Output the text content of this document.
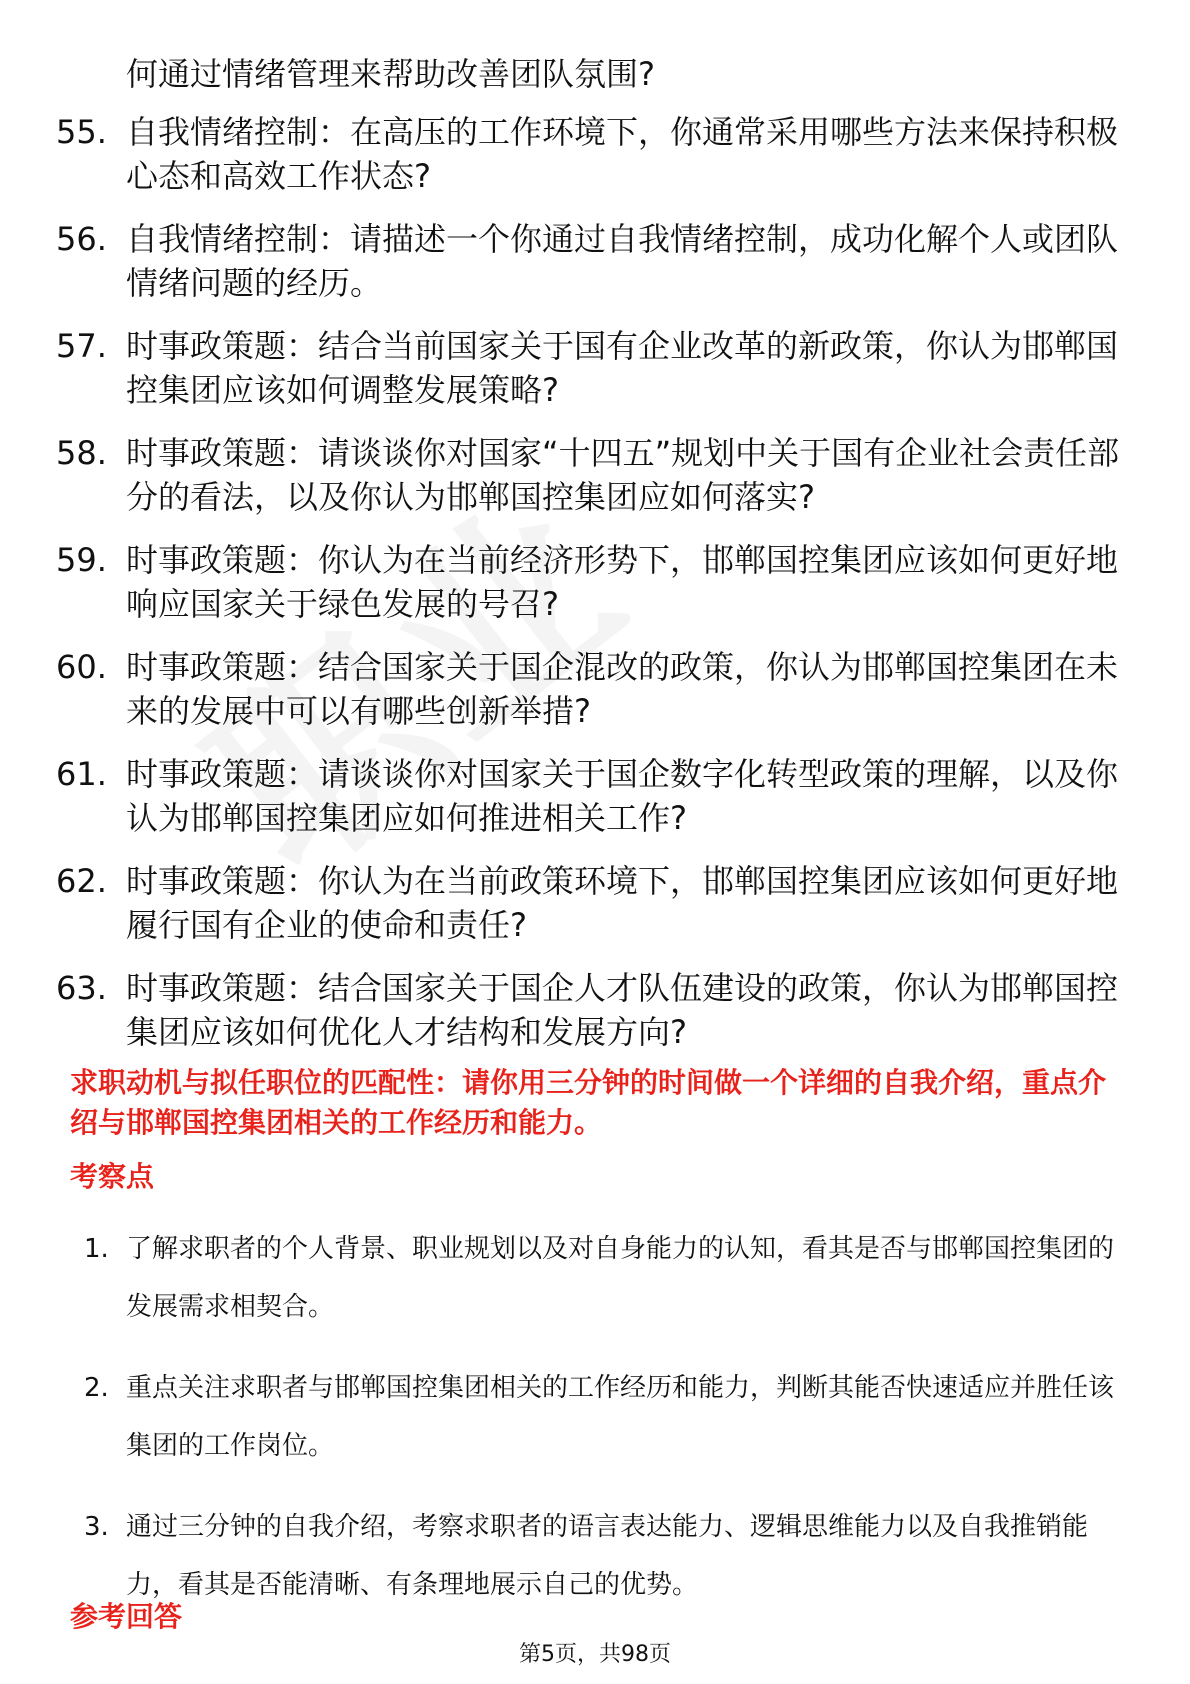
何通过情绪管理来帮助改善团队氛围?
55. 自我情绪控制：在高压的工作环境下，你通常采用哪些方法来保持积极心态和高效工作状态?
56. 自我情绪控制：请描述一个你通过自我情绪控制，成功化解个人或团队情绪问题的经历。
57. 时事政策题：结合当前国家关于国有企业改革的新政策，你认为邯郸国控集团应该如何调整发展策略?
58. 时事政策题：请谈谈你对国家“十四五”规划中关于国有企业社会责任部分的看法，以及你认为邯郸国控集团应如何落实?
59. 时事政策题：你认为在当前经济形势下，邯郸国控集团应该如何更好地响应国家关于绿色发展的号召?
60. 时事政策题：结合国家关于国企混改的政策，你认为邯郸国控集团在未来的发展中可以有哪些创新举措?
61. 时事政策题：请谈谈你对国家关于国企数字化转型政策的理解，以及你认为邯郸国控集团应如何推进相关工作?
62. 时事政策题：你认为在当前政策环境下，邯郸国控集团应该如何更好地履行国有企业的使命和责任?
63. 时事政策题：结合国家关于国企人才队伍建设的政策，你认为邯郸国控集团应该如何优化人才结构和发展方向?
求职动机与拟任职位的匹配性：请你用三分钟的时间做一个详细的自我介绍，重点介绍与邯郸国控集团相关的工作经历和能力。
考察点
1. 了解求职者的个人背景、职业规划以及对自身能力的认知，看其是否与邯郸国控集团的发展需求相契合。
2. 重点关注求职者与邯郸国控集团相关的工作经历和能力，判断其能否快速适应并胜任该集团的工作岗位。
3. 通过三分钟的自我介绍，考察求职者的语言表达能力、逻辑思维能力以及自我推销能力，看其是否能清晰、有条理地展示自己的优势。
参考回答
第5页，共98页
